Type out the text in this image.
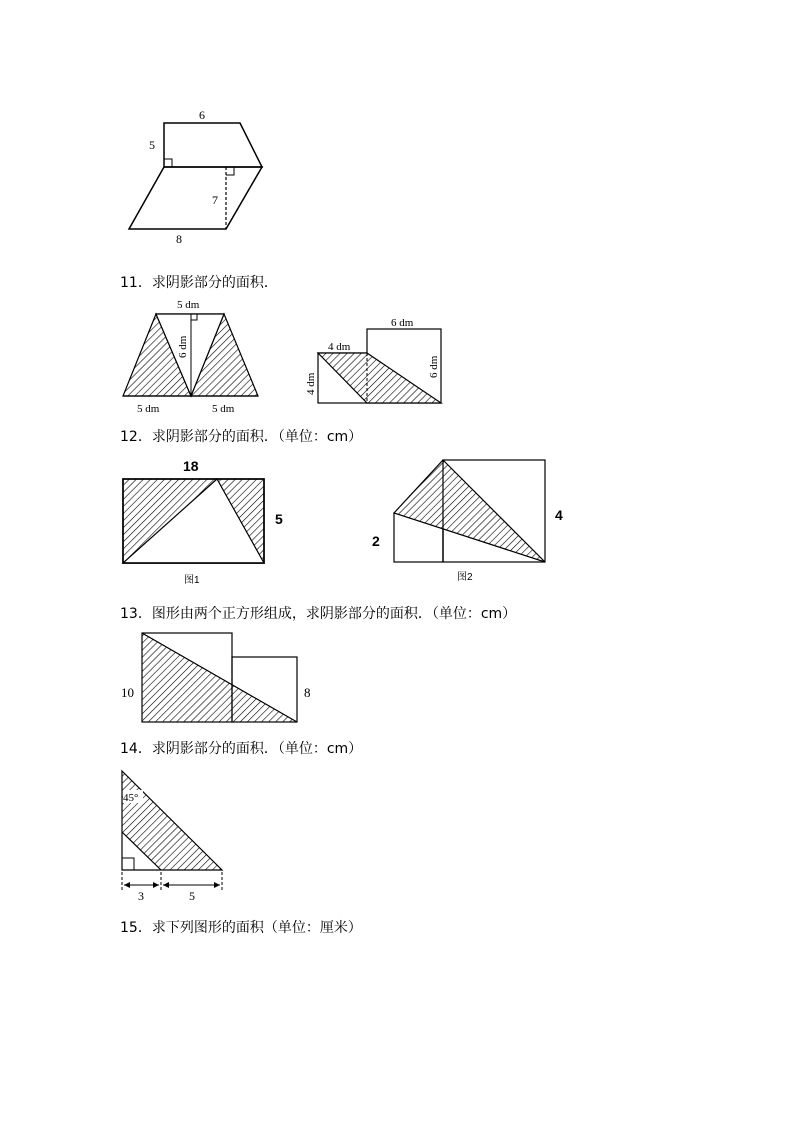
6
5
7
8
11．求阴影部分的面积．
5 dm
6 dm
5 dm	5 dm
4 dm
4 dm
6 dm
6 dm
12．求阴影部分的面积．（单位：cm）
18
5
图1
2
4
图2
13．图形由两个正方形组成，求阴影部分的面积．（单位：cm）
10	8
14．求阴影部分的面积．（单位：cm）
45°
3	5
15．求下列图形的面积（单位：厘米）
